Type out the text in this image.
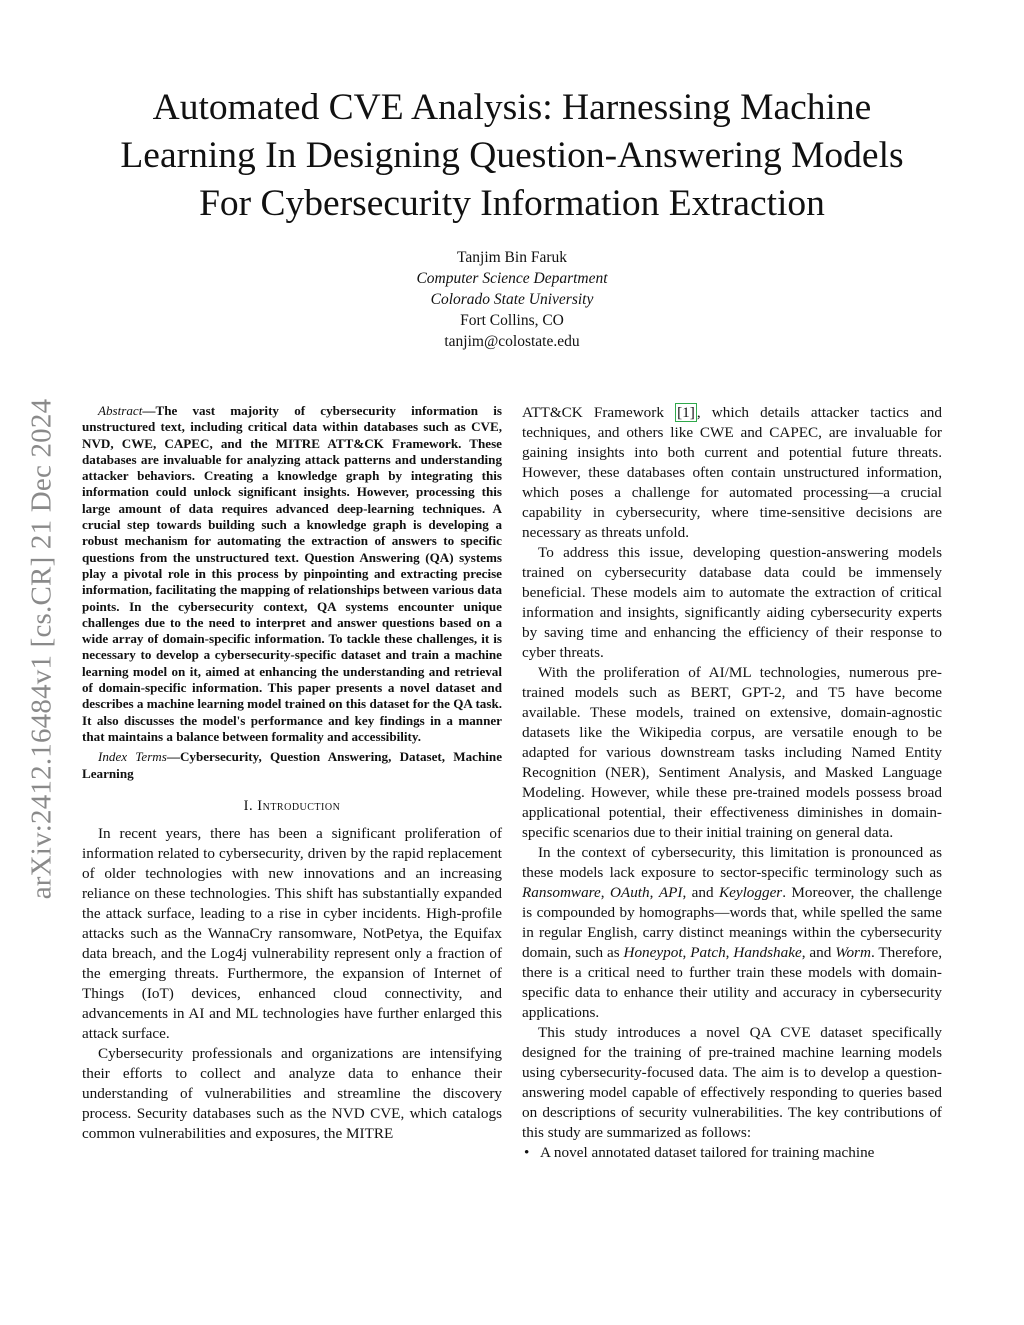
arXiv:2412.16484v1 [cs.CR] 21 Dec 2024
Automated CVE Analysis: Harnessing Machine
Learning In Designing Question-Answering Models
For Cybersecurity Information Extraction
Tanjim Bin Faruk
Computer Science Department
Colorado State University
Fort Collins, CO
tanjim@colostate.edu

Abstract—The vast majority of cybersecurity information is unstructured text, including critical data within databases such as CVE, NVD, CWE, CAPEC, and the MITRE ATT&CK Framework. These databases are invaluable for analyzing attack patterns and understanding attacker behaviors. Creating a knowledge graph by integrating this information could unlock significant insights. However, processing this large amount of data requires advanced deep-learning techniques. A crucial step towards building such a knowledge graph is developing a robust mechanism for automating the extraction of answers to specific questions from the unstructured text. Question Answering (QA) systems play a pivotal role in this process by pinpointing and extracting precise information, facilitating the mapping of relationships between various data points. In the cybersecurity context, QA systems encounter unique challenges due to the need to interpret and answer questions based on a wide array of domain-specific information. To tackle these challenges, it is necessary to develop a cybersecurity-specific dataset and train a machine learning model on it, aimed at enhancing the understanding and retrieval of domain-specific information. This paper presents a novel dataset and describes a machine learning model trained on this dataset for the QA task. It also discusses the model's performance and key findings in a manner that maintains a balance between formality and accessibility.

Index Terms—Cybersecurity, Question Answering, Dataset, Machine Learning

I. Introduction

In recent years, there has been a significant proliferation of information related to cybersecurity, driven by the rapid replacement of older technologies with new innovations and an increasing reliance on these technologies. This shift has substantially expanded the attack surface, leading to a rise in cyber incidents. High-profile attacks such as the WannaCry ransomware, NotPetya, the Equifax data breach, and the Log4j vulnerability represent only a fraction of the emerging threats. Furthermore, the expansion of Internet of Things (IoT) devices, enhanced cloud connectivity, and advancements in AI and ML technologies have further enlarged this attack surface.

Cybersecurity professionals and organizations are intensifying their efforts to collect and analyze data to enhance their understanding of vulnerabilities and streamline the discovery process. Security databases such as the NVD CVE, which catalogs common vulnerabilities and exposures, the MITRE

ATT&CK Framework [1] , which details attacker tactics and techniques, and others like CWE and CAPEC, are invaluable for gaining insights into both current and potential future threats. However, these databases often contain unstructured information, which poses a challenge for automated processing—a crucial capability in cybersecurity, where time-sensitive decisions are necessary as threats unfold.

To address this issue, developing question-answering models trained on cybersecurity database data could be immensely beneficial. These models aim to automate the extraction of critical information and insights, significantly aiding cybersecurity experts by saving time and enhancing the efficiency of their response to cyber threats.

With the proliferation of AI/ML technologies, numerous pre-trained models such as BERT, GPT-2, and T5 have become available. These models, trained on extensive, domain-agnostic datasets like the Wikipedia corpus, are versatile enough to be adapted for various downstream tasks including Named Entity Recognition (NER), Sentiment Analysis, and Masked Language Modeling. However, while these pre-trained models possess broad applicational potential, their effectiveness diminishes in domain-specific scenarios due to their initial training on general data.

In the context of cybersecurity, this limitation is pronounced as these models lack exposure to sector-specific terminology such as Ransomware, OAuth, API, and Keylogger. Moreover, the challenge is compounded by homographs—words that, while spelled the same in regular English, carry distinct meanings within the cybersecurity domain, such as Honeypot, Patch, Handshake, and Worm. Therefore, there is a critical need to further train these models with domain-specific data to enhance their utility and accuracy in cybersecurity applications.

This study introduces a novel QA CVE dataset specifically designed for the training of pre-trained machine learning models using cybersecurity-focused data. The aim is to develop a question-answering model capable of effectively responding to queries based on descriptions of security vulnerabilities. The key contributions of this study are summarized as follows:

• A novel annotated dataset tailored for training machine
